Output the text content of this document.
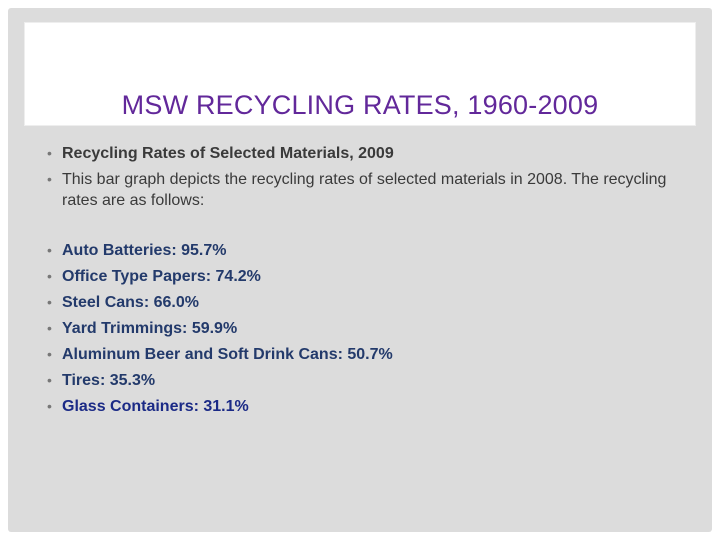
MSW RECYCLING RATES, 1960-2009
• Recycling Rates of Selected Materials, 2009
• This bar graph depicts the recycling rates of selected materials in 2008. The recycling rates are as follows:
• Auto Batteries: 95.7%
• Office Type Papers: 74.2%
• Steel Cans: 66.0%
• Yard Trimmings: 59.9%
• Aluminum Beer and Soft Drink Cans: 50.7%
• Tires: 35.3%
• Glass Containers: 31.1%
